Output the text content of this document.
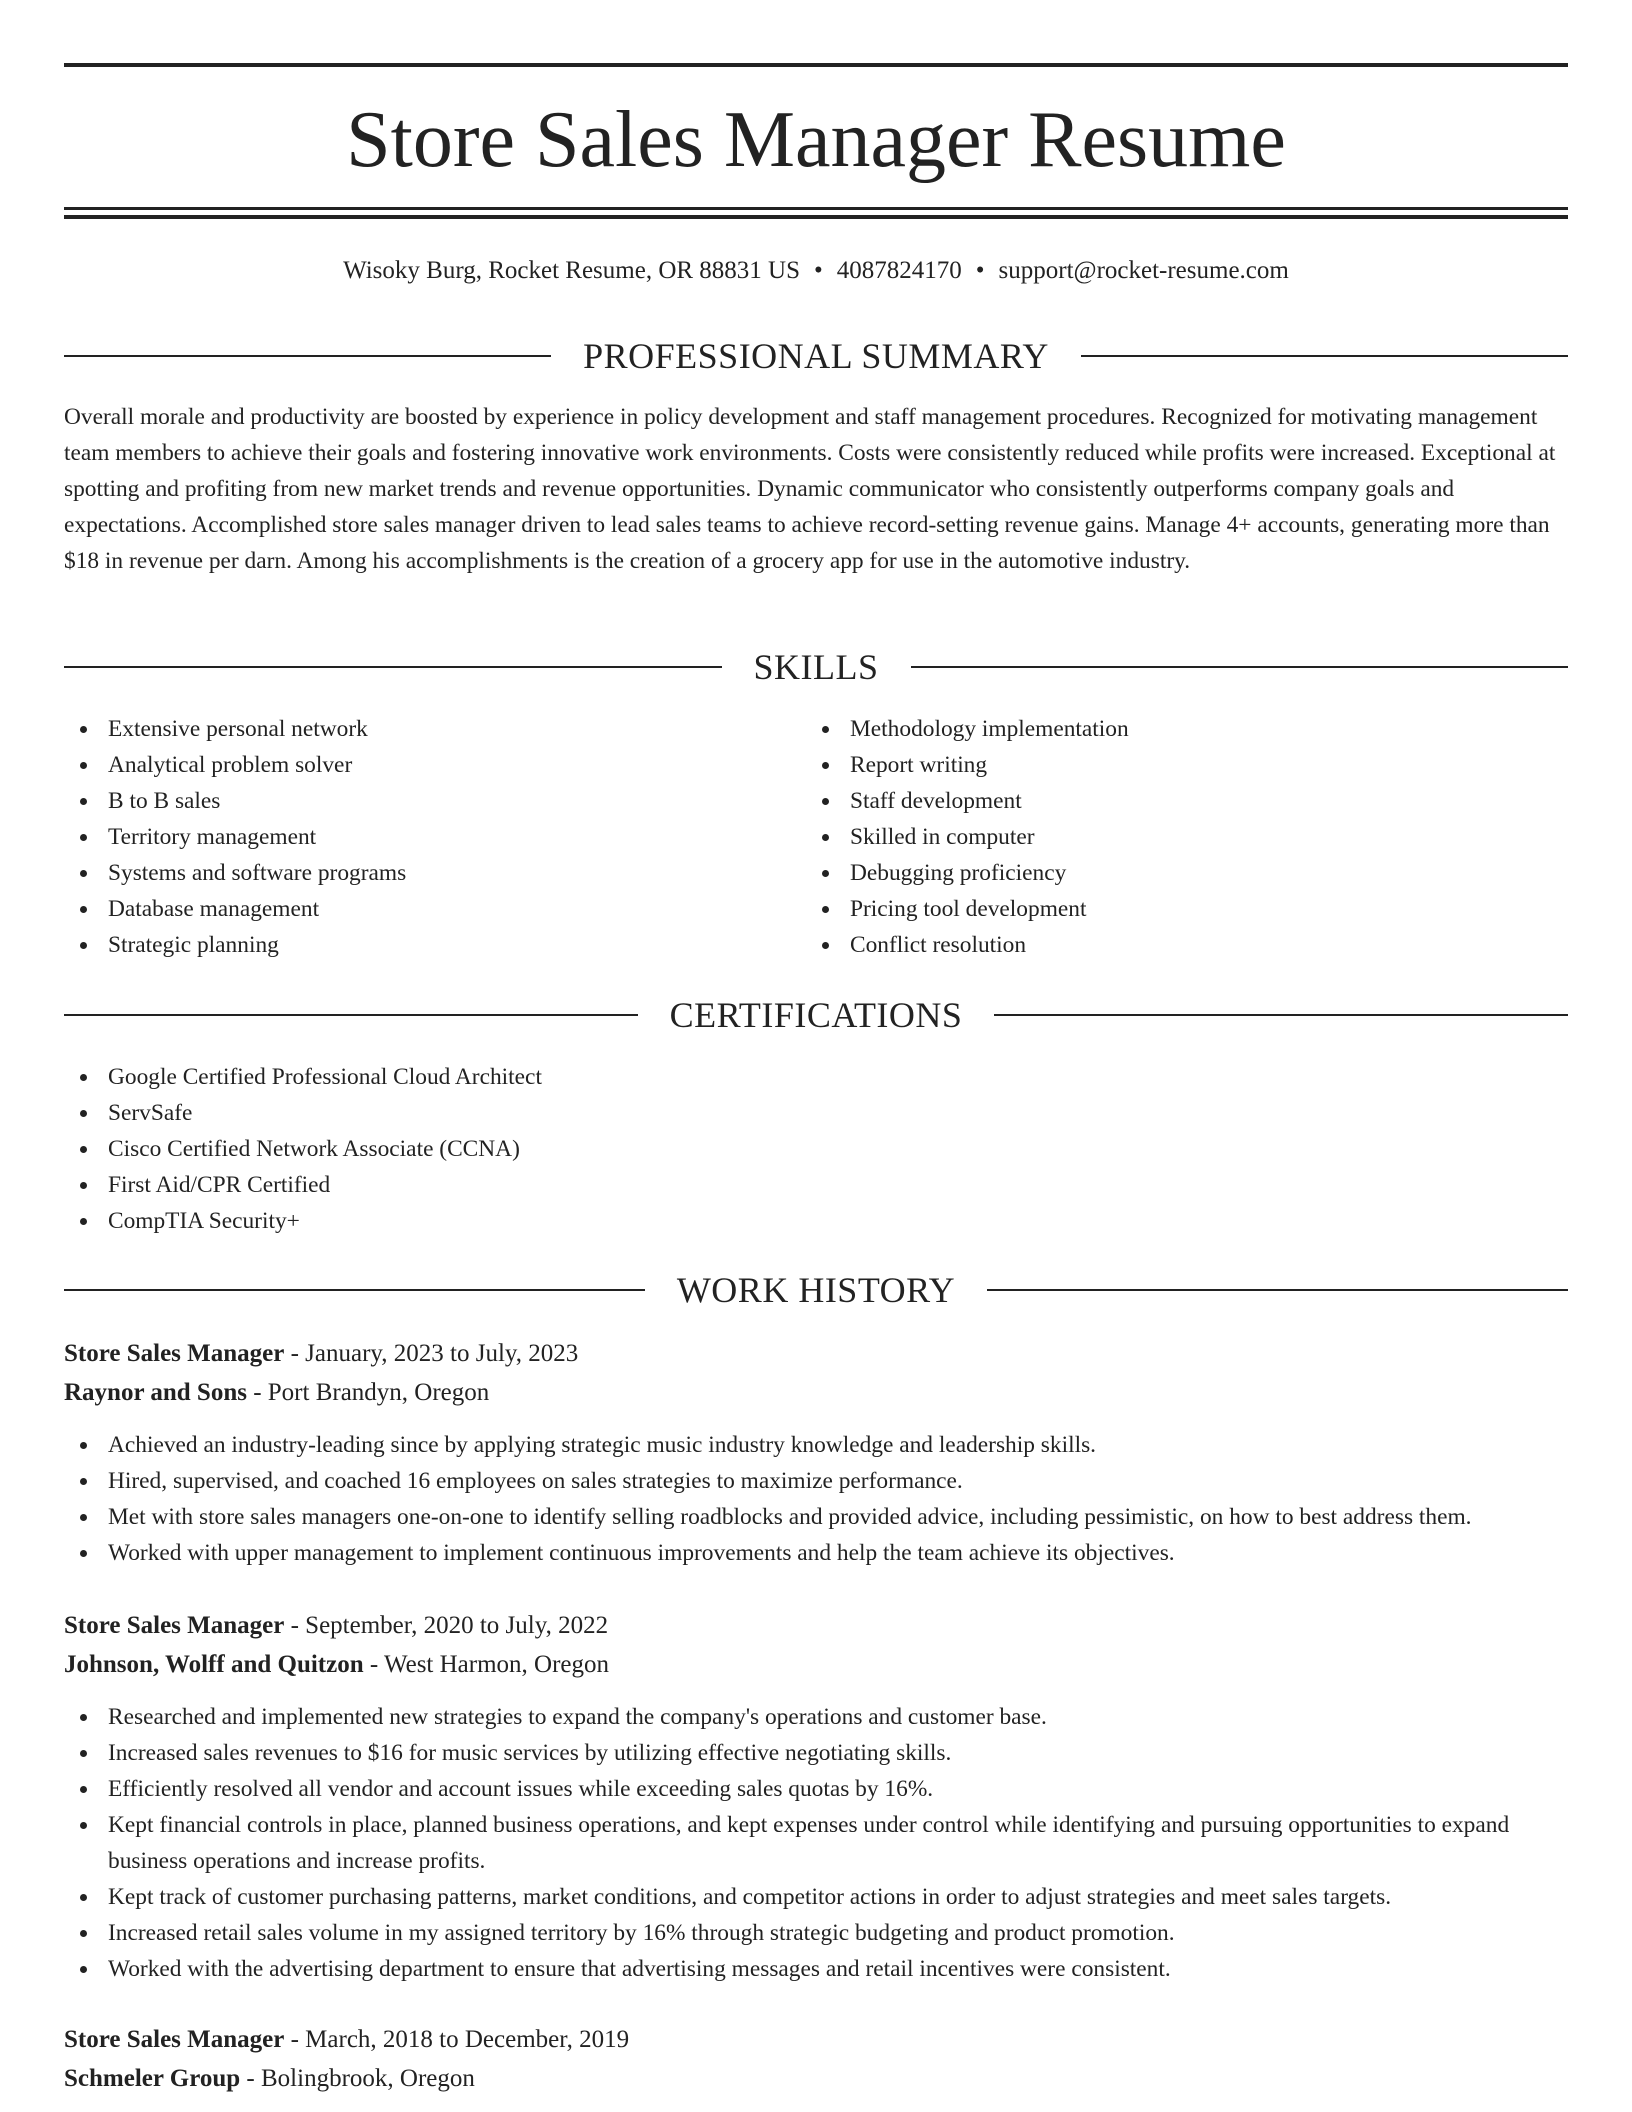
Store Sales Manager Resume
Wisoky Burg, Rocket Resume, OR 88831 US • 4087824170 • support@rocket-resume.com
PROFESSIONAL SUMMARY

Overall morale and productivity are boosted by experience in policy development and staff management procedures. Recognized for motivating management team members to achieve their goals and fostering innovative work environments. Costs were consistently reduced while profits were increased. Exceptional at spotting and profiting from new market trends and revenue opportunities. Dynamic communicator who consistently outperforms company goals and expectations. Accomplished store sales manager driven to lead sales teams to achieve record-setting revenue gains. Manage 4+ accounts, generating more than $18 in revenue per darn. Among his accomplishments is the creation of a grocery app for use in the automotive industry.

SKILLS
Extensive personal network
Analytical problem solver
B to B sales
Territory management
Systems and software programs
Database management
Strategic planning
Methodology implementation
Report writing
Staff development
Skilled in computer
Debugging proficiency
Pricing tool development
Conflict resolution
CERTIFICATIONS
Google Certified Professional Cloud Architect
ServSafe
Cisco Certified Network Associate (CCNA)
First Aid/CPR Certified
CompTIA Security+
WORK HISTORY
Store Sales Manager - January, 2023 to July, 2023
Raynor and Sons - Port Brandyn, Oregon
Achieved an industry-leading since by applying strategic music industry knowledge and leadership skills.
Hired, supervised, and coached 16 employees on sales strategies to maximize performance.
Met with store sales managers one-on-one to identify selling roadblocks and provided advice, including pessimistic, on how to best address them.
Worked with upper management to implement continuous improvements and help the team achieve its objectives.
Store Sales Manager - September, 2020 to July, 2022
Johnson, Wolff and Quitzon - West Harmon, Oregon
Researched and implemented new strategies to expand the company's operations and customer base.
Increased sales revenues to $16 for music services by utilizing effective negotiating skills.
Efficiently resolved all vendor and account issues while exceeding sales quotas by 16%.
Kept financial controls in place, planned business operations, and kept expenses under control while identifying and pursuing opportunities to expand business operations and increase profits.
Kept track of customer purchasing patterns, market conditions, and competitor actions in order to adjust strategies and meet sales targets.
Increased retail sales volume in my assigned territory by 16% through strategic budgeting and product promotion.
Worked with the advertising department to ensure that advertising messages and retail incentives were consistent.
Store Sales Manager - March, 2018 to December, 2019
Schmeler Group - Bolingbrook, Oregon
